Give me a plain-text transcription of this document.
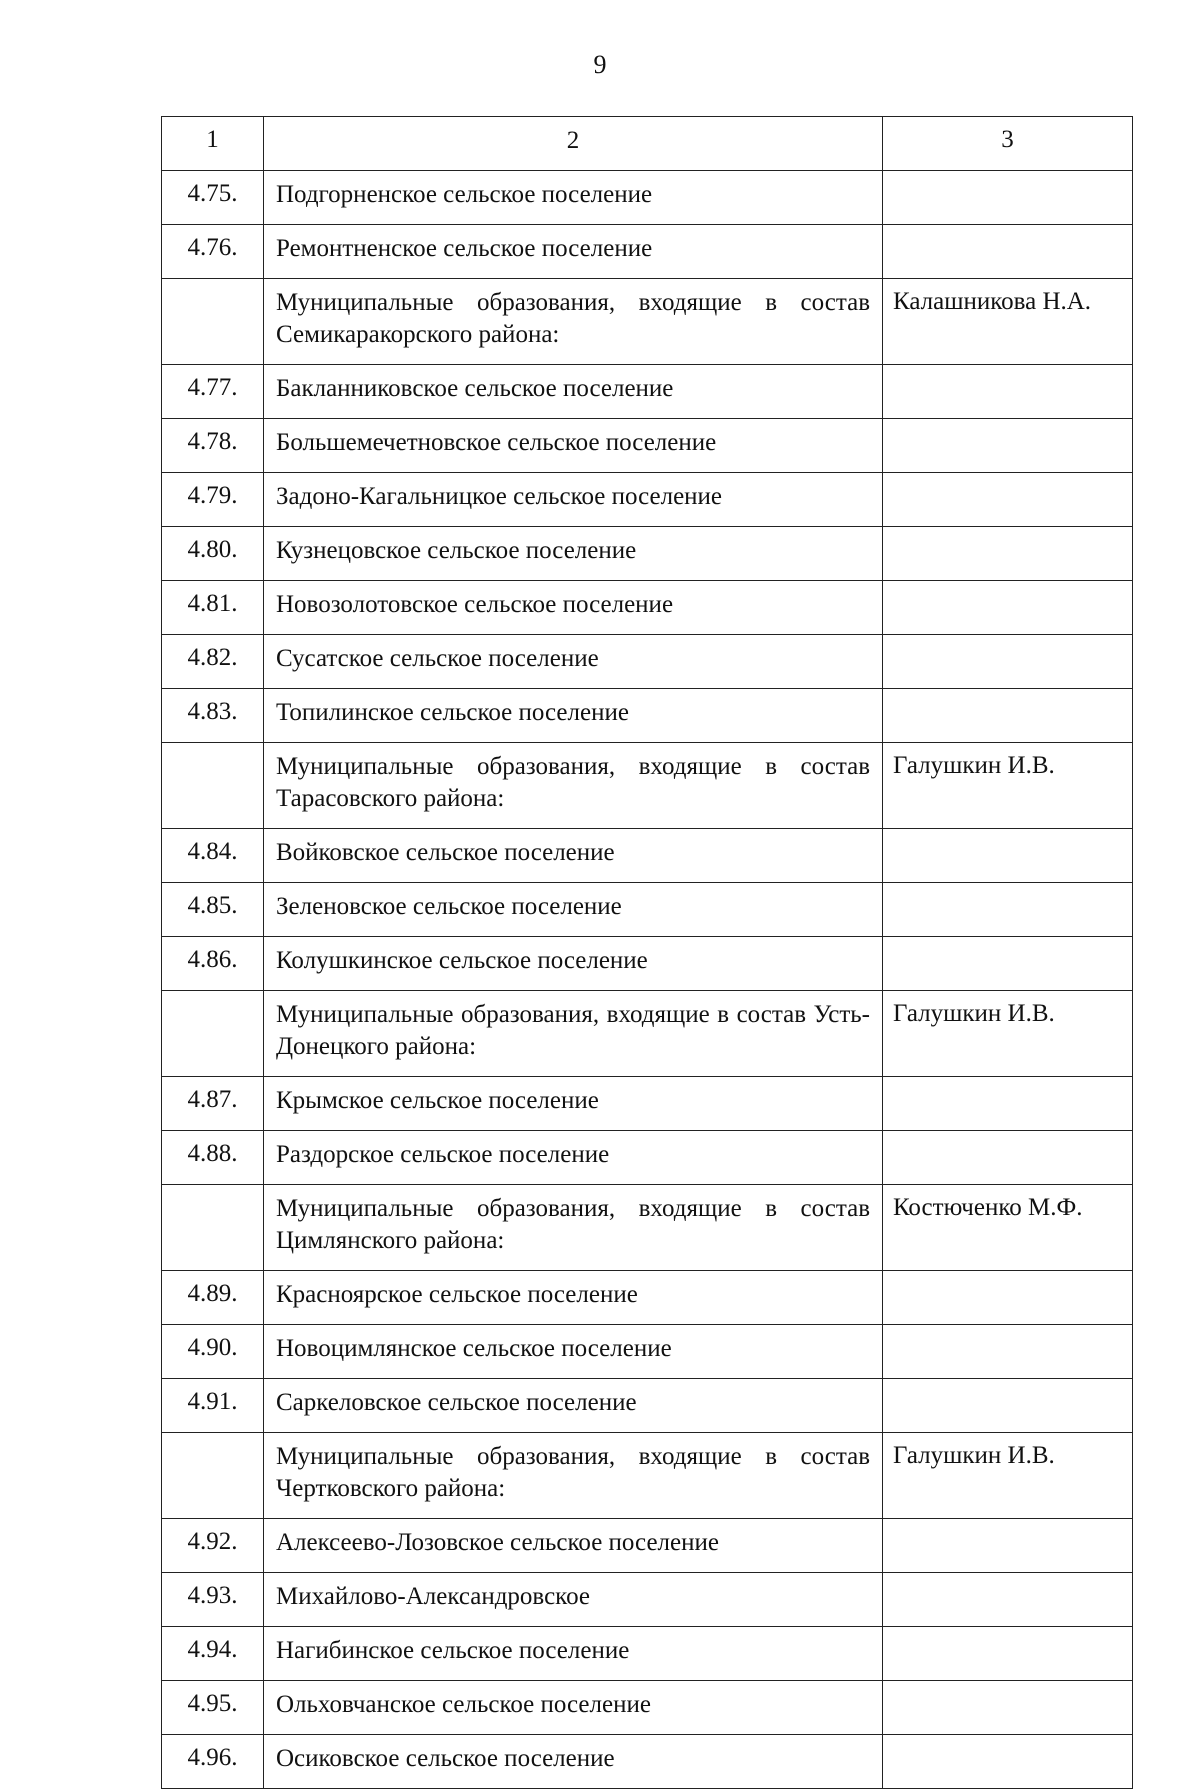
9
1	2	3
4.75.	Подгорненское сельское поселение	
4.76.	Ремонтненское сельское поселение	
	Муниципальные образования, входящие в состав Семикаракорского района:	Калашникова Н.А.
4.77.	Бакланниковское сельское поселение	
4.78.	Большемечетновское сельское поселение	
4.79.	Задоно-Кагальницкое сельское поселение	
4.80.	Кузнецовское сельское поселение	
4.81.	Новозолотовское сельское поселение	
4.82.	Сусатское сельское поселение	
4.83.	Топилинское сельское поселение	
	Муниципальные образования, входящие в состав Тарасовского района:	Галушкин И.В.
4.84.	Войковское сельское поселение	
4.85.	Зеленовское сельское поселение	
4.86.	Колушкинское сельское поселение	
	Муниципальные образования, входящие в состав Усть-Донецкого района:	Галушкин И.В.
4.87.	Крымское сельское поселение	
4.88.	Раздорское сельское поселение	
	Муниципальные образования, входящие в состав Цимлянского района:	Костюченко М.Ф.
4.89.	Красноярское сельское поселение	
4.90.	Новоцимлянское сельское поселение	
4.91.	Саркеловское сельское поселение	
	Муниципальные образования, входящие в состав Чертковского района:	Галушкин И.В.
4.92.	Алексеево-Лозовское сельское поселение	
4.93.	Михайлово-Александровское	
4.94.	Нагибинское сельское поселение	
4.95.	Ольховчанское сельское поселение	
4.96.	Осиковское сельское поселение	
